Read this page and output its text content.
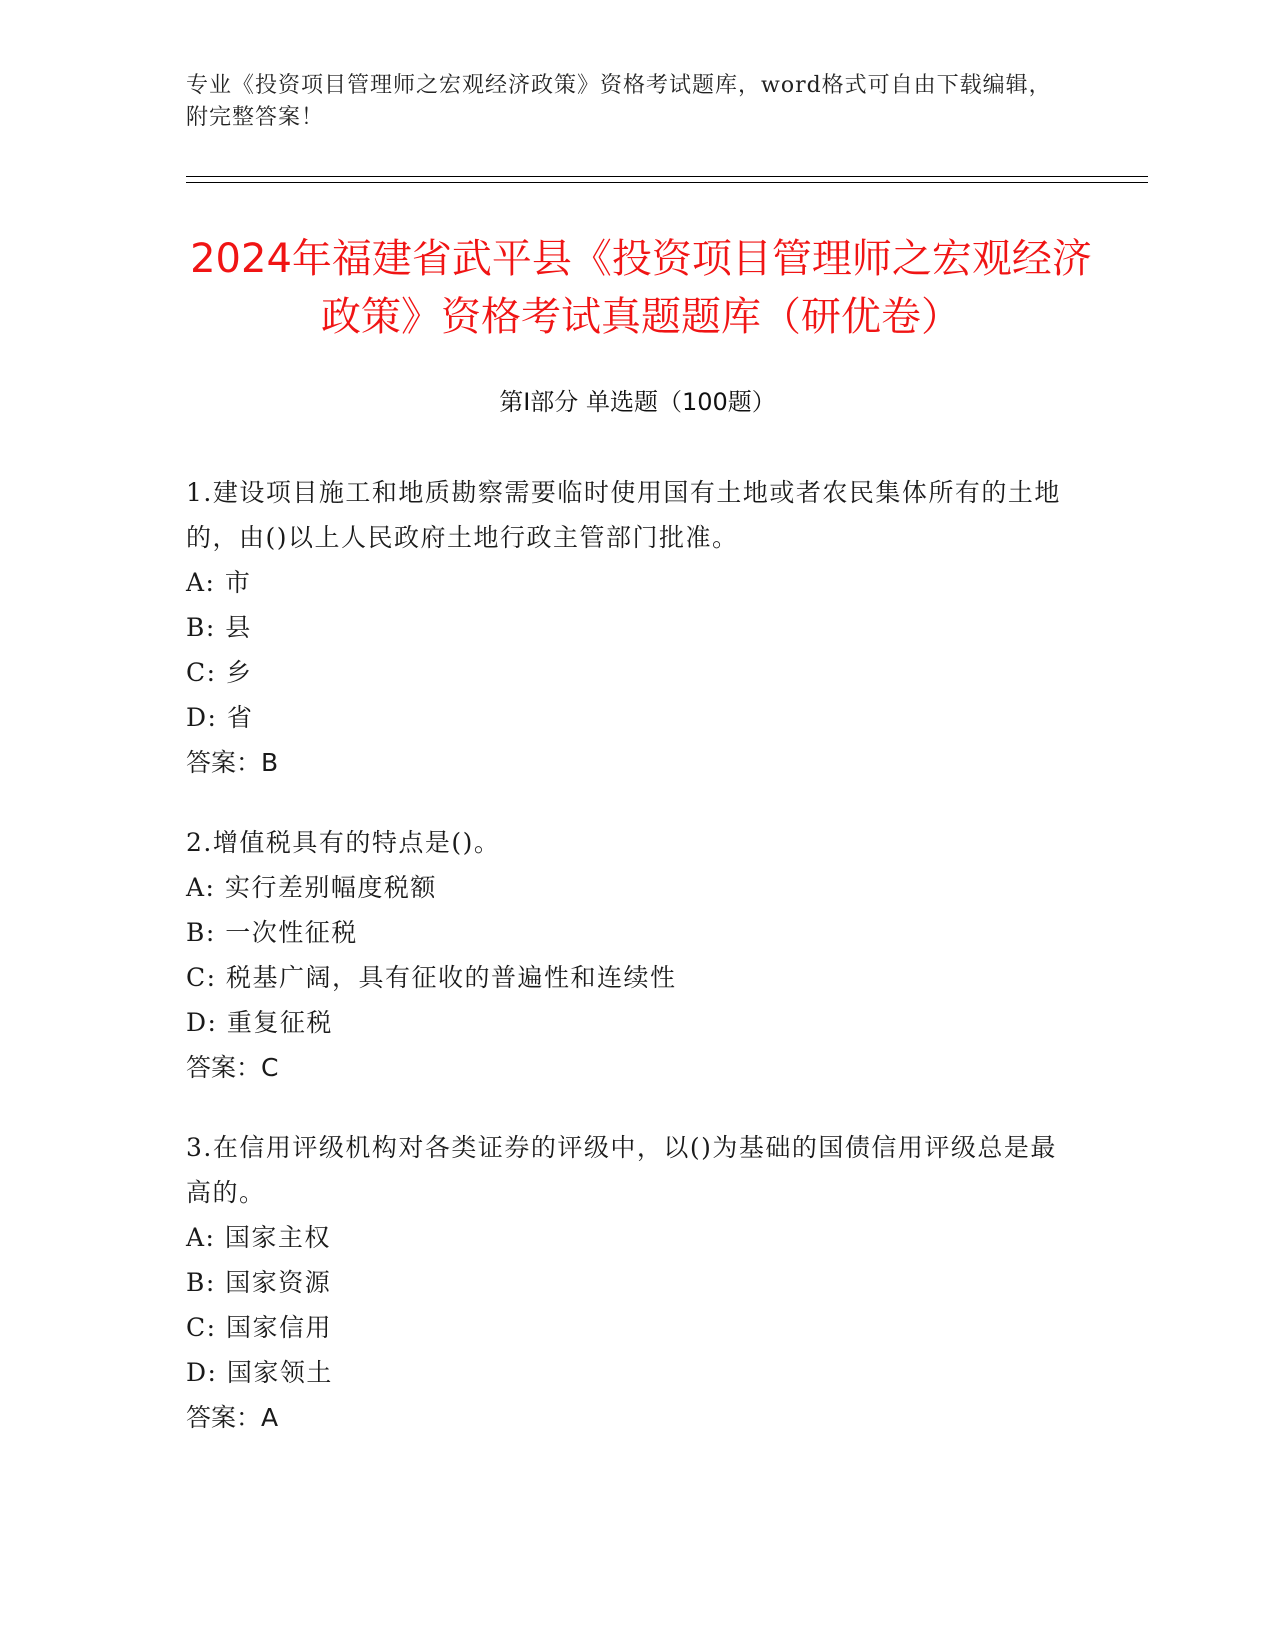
专业《投资项目管理师之宏观经济政策》资格考试题库，word格式可自由下载编辑，附完整答案！
2024年福建省武平县《投资项目管理师之宏观经济政策》资格考试真题题库（研优卷）
第I部分 单选题（100题）

1.建设项目施工和地质勘察需要临时使用国有土地或者农民集体所有的土地的，由()以上人民政府土地行政主管部门批准。

A: 市

B: 县

C: 乡

D: 省

答案：B

2.增值税具有的特点是()。

A: 实行差别幅度税额

B: 一次性征税

C: 税基广阔，具有征收的普遍性和连续性

D: 重复征税

答案：C

3.在信用评级机构对各类证券的评级中，以()为基础的国债信用评级总是最高的。

A: 国家主权

B: 国家资源

C: 国家信用

D: 国家领土

答案：A
